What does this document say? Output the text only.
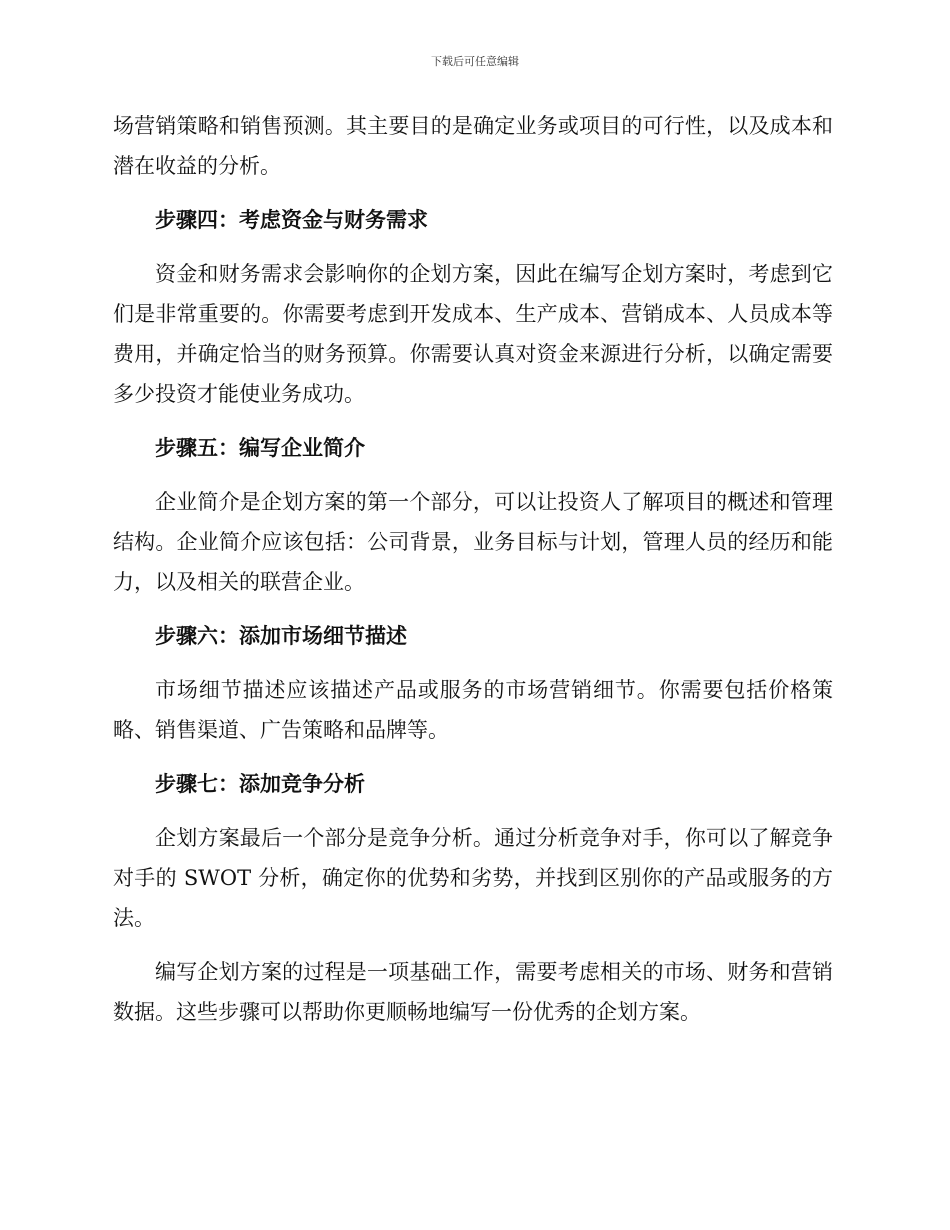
下载后可任意编辑

场营销策略和销售预测。其主要目的是确定业务或项目的可行性，以及成本和潜在收益的分析。

步骤四：考虑资金与财务需求

资金和财务需求会影响你的企划方案，因此在编写企划方案时，考虑到它们是非常重要的。你需要考虑到开发成本、生产成本、营销成本、人员成本等费用，并确定恰当的财务预算。你需要认真对资金来源进行分析，以确定需要多少投资才能使业务成功。

步骤五：编写企业简介

企业简介是企划方案的第一个部分，可以让投资人了解项目的概述和管理结构。企业简介应该包括：公司背景，业务目标与计划，管理人员的经历和能力，以及相关的联营企业。

步骤六：添加市场细节描述

市场细节描述应该描述产品或服务的市场营销细节。你需要包括价格策略、销售渠道、广告策略和品牌等。

步骤七：添加竞争分析

企划方案最后一个部分是竞争分析。通过分析竞争对手，你可以了解竞争对手的 SWOT 分析，确定你的优势和劣势，并找到区别你的产品或服务的方法。

编写企划方案的过程是一项基础工作，需要考虑相关的市场、财务和营销数据。这些步骤可以帮助你更顺畅地编写一份优秀的企划方案。
